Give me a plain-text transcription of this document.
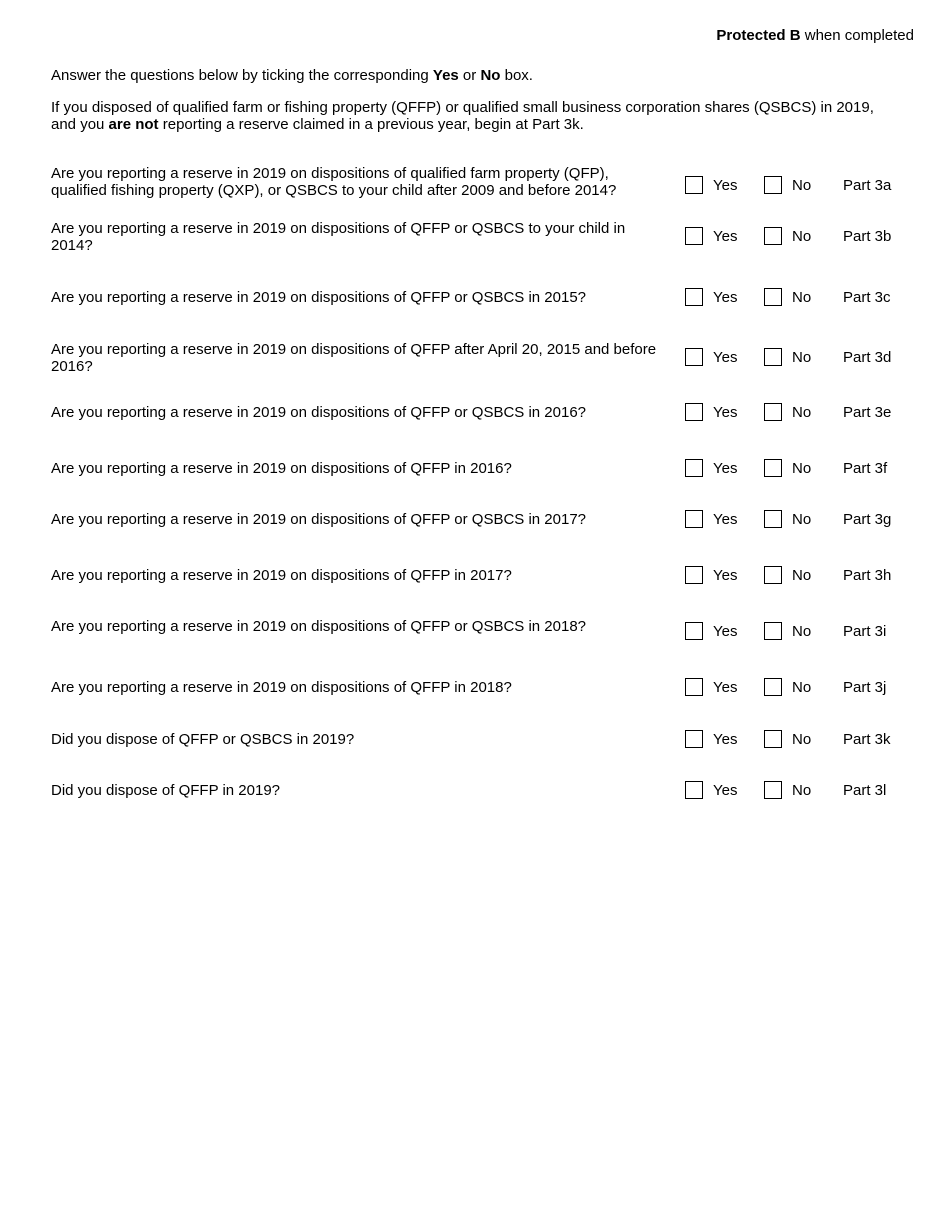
Protected B when completed
Answer the questions below by ticking the corresponding Yes or No box.
If you disposed of qualified farm or fishing property (QFFP) or qualified small business corporation shares (QSBCS) in 2019, and you are not reporting a reserve claimed in a previous year, begin at Part 3k.
Are you reporting a reserve in 2019 on dispositions of qualified farm property (QFP), qualified fishing property (QXP), or QSBCS to your child after 2009 and before 2014?	Yes	No Part 3a
Are you reporting a reserve in 2019 on dispositions of QFFP or QSBCS to your child in 2014?
Yes	No Part 3b
Are you reporting a reserve in 2019 on dispositions of QFFP or QSBCS in 2015?	Yes	No Part 3c
Are you reporting a reserve in 2019 on dispositions of QFFP after April 20, 2015 and before 2016?
Yes	No Part 3d
Are you reporting a reserve in 2019 on dispositions of QFFP or QSBCS in 2016?	Yes	No Part 3e
Are you reporting a reserve in 2019 on dispositions of QFFP in 2016?	Yes	No Part 3f
Are you reporting a reserve in 2019 on dispositions of QFFP or QSBCS in 2017?	Yes	No Part 3g
Are you reporting a reserve in 2019 on dispositions of QFFP in 2017?	Yes	No Part 3h
Are you reporting a reserve in 2019 on dispositions of QFFP or QSBCS in 2018?	Yes	No Part 3i
Are you reporting a reserve in 2019 on dispositions of QFFP in 2018?	Yes	No Part 3j
Did you dispose of QFFP or QSBCS in 2019?	Yes	No Part 3k
Did you dispose of QFFP in 2019?	Yes	No Part 3l
